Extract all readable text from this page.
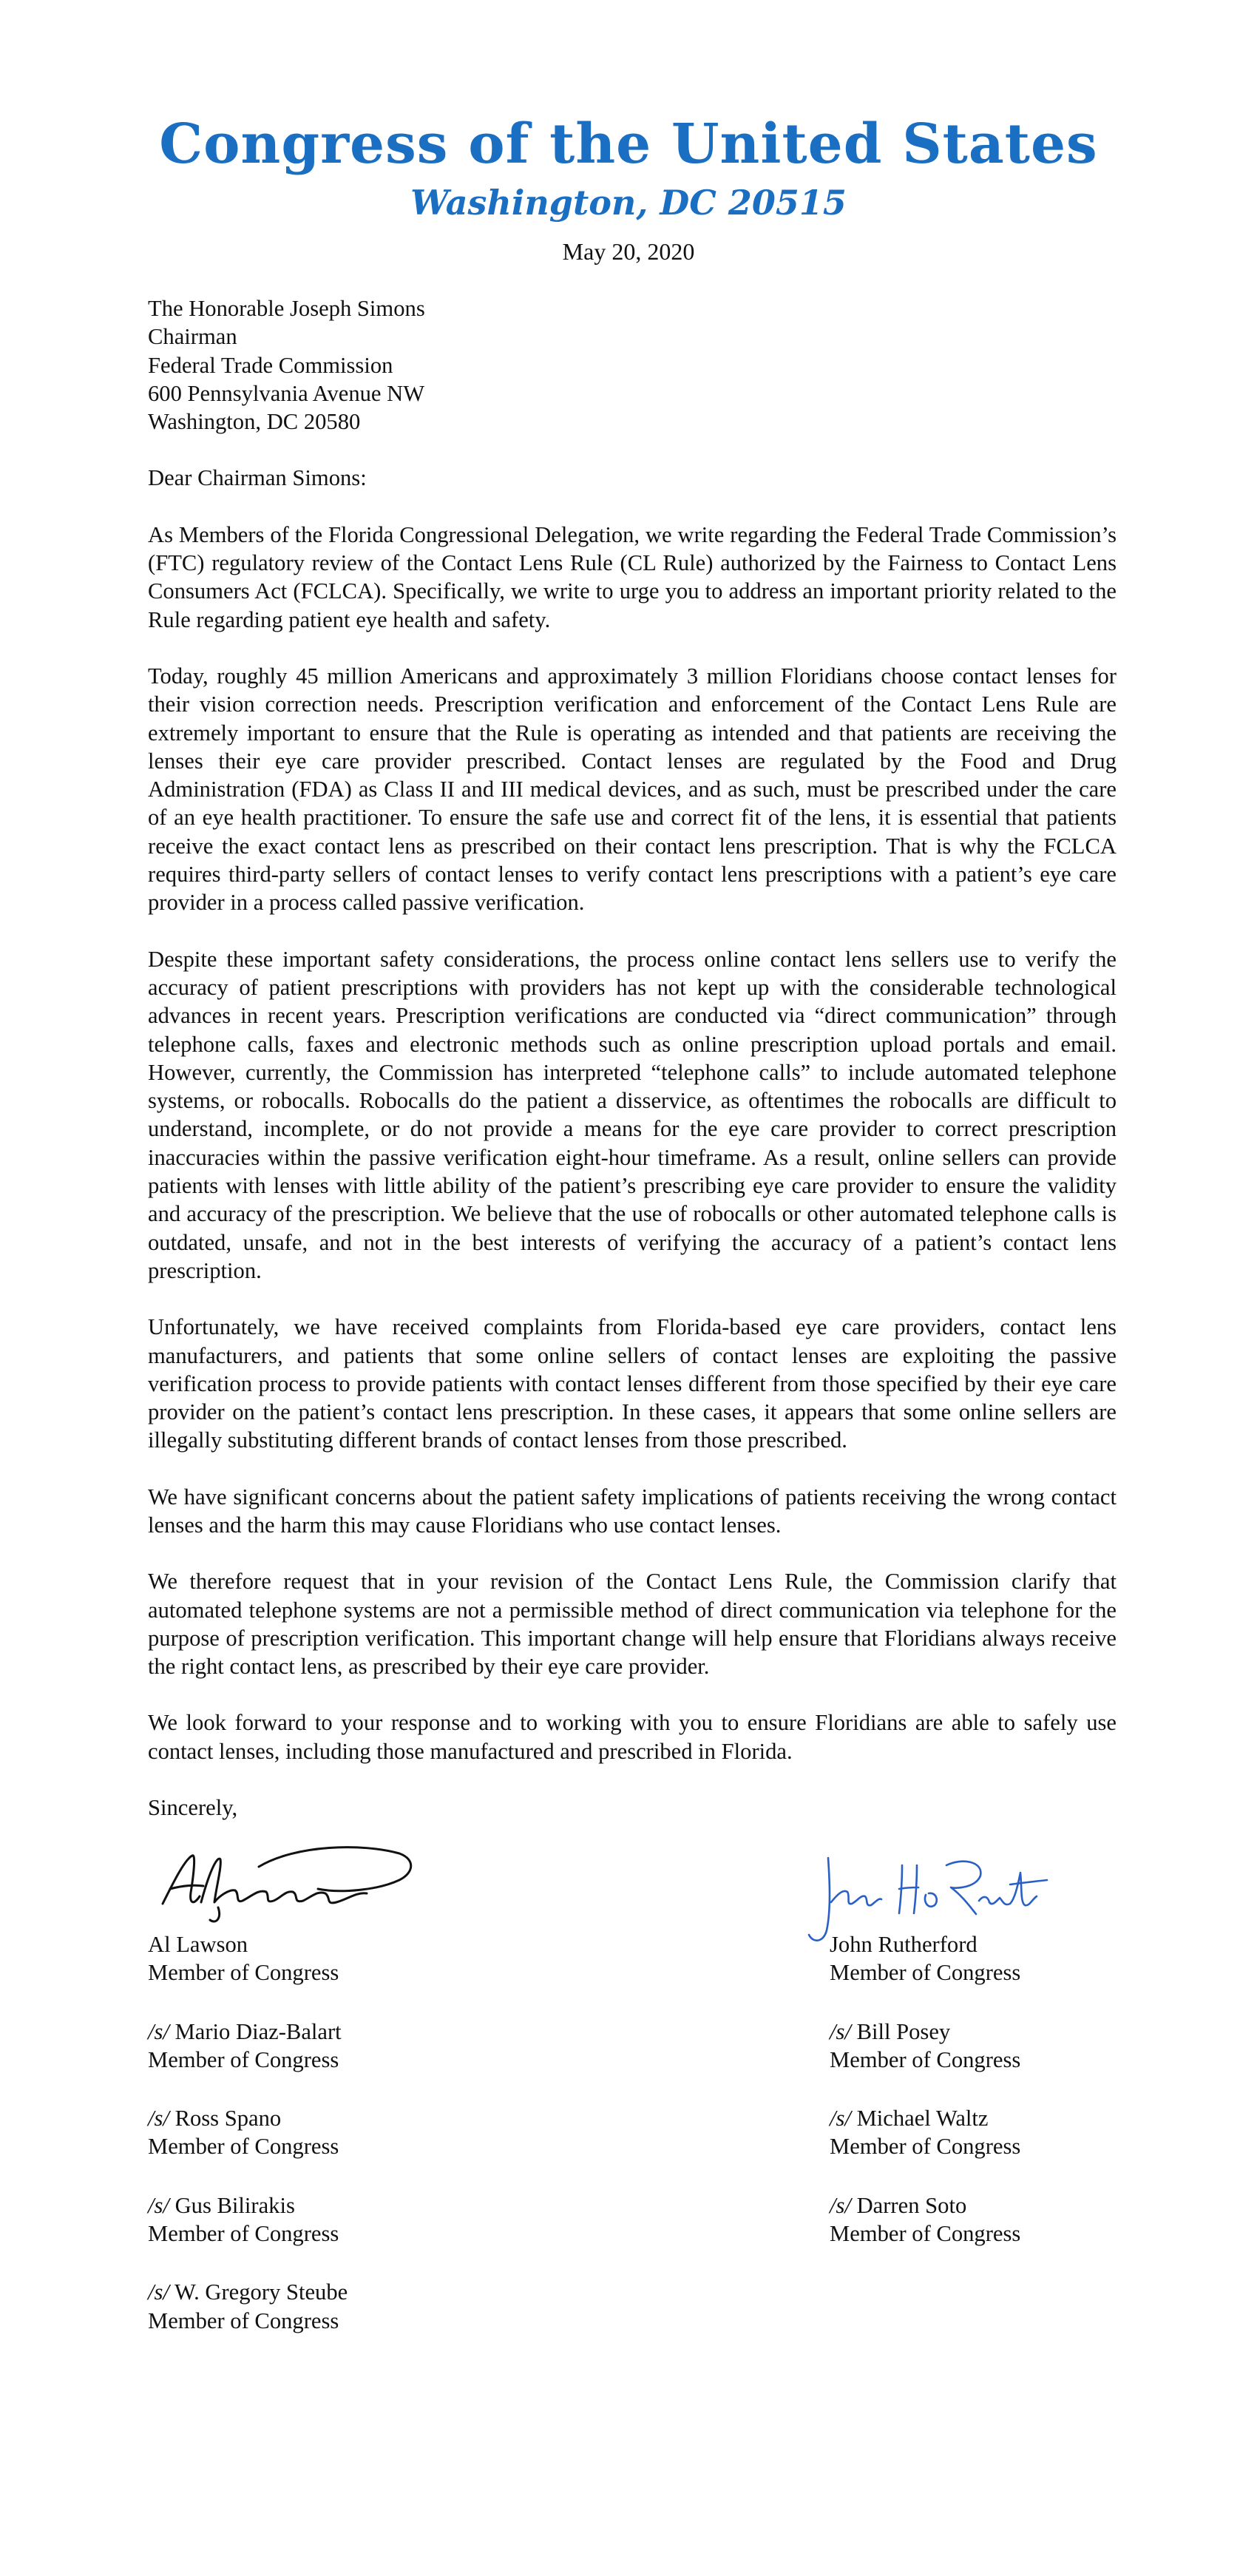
Congress of the United States
Washington, DC 20515
May 20, 2020
The Honorable Joseph Simons
Chairman
Federal Trade Commission
600 Pennsylvania Avenue NW
Washington, DC 20580
Dear Chairman Simons:
As Members of the Florida Congressional Delegation, we write regarding the Federal Trade Commission’s (FTC) regulatory review of the Contact Lens Rule (CL Rule) authorized by the Fairness to Contact Lens Consumers Act (FCLCA). Specifically, we write to urge you to address an important priority related to the Rule regarding patient eye health and safety.
Today, roughly 45 million Americans and approximately 3 million Floridians choose contact lenses for their vision correction needs. Prescription verification and enforcement of the Contact Lens Rule are extremely important to ensure that the Rule is operating as intended and that patients are receiving the lenses their eye care provider prescribed. Contact lenses are regulated by the Food and Drug Administration (FDA) as Class II and III medical devices, and as such, must be prescribed under the care of an eye health practitioner. To ensure the safe use and correct fit of the lens, it is essential that patients receive the exact contact lens as prescribed on their contact lens prescription. That is why the FCLCA requires third-party sellers of contact lenses to verify contact lens prescriptions with a patient’s eye care provider in a process called passive verification.
Despite these important safety considerations, the process online contact lens sellers use to verify the accuracy of patient prescriptions with providers has not kept up with the considerable technological advances in recent years. Prescription verifications are conducted via “direct communication” through telephone calls, faxes and electronic methods such as online prescription upload portals and email. However, currently, the Commission has interpreted “telephone calls” to include automated telephone systems, or robocalls. Robocalls do the patient a disservice, as oftentimes the robocalls are difficult to understand, incomplete, or do not provide a means for the eye care provider to correct prescription inaccuracies within the passive verification eight-hour timeframe. As a result, online sellers can provide patients with lenses with little ability of the patient’s prescribing eye care provider to ensure the validity and accuracy of the prescription. We believe that the use of robocalls or other automated telephone calls is outdated, unsafe, and not in the best interests of verifying the accuracy of a patient’s contact lens prescription.
Unfortunately, we have received complaints from Florida-based eye care providers, contact lens manufacturers, and patients that some online sellers of contact lenses are exploiting the passive verification process to provide patients with contact lenses different from those specified by their eye care provider on the patient’s contact lens prescription. In these cases, it appears that some online sellers are illegally substituting different brands of contact lenses from those prescribed.
We have significant concerns about the patient safety implications of patients receiving the wrong contact lenses and the harm this may cause Floridians who use contact lenses.
We therefore request that in your revision of the Contact Lens Rule, the Commission clarify that automated telephone systems are not a permissible method of direct communication via telephone for the purpose of prescription verification. This important change will help ensure that Floridians always receive the right contact lens, as prescribed by their eye care provider.
We look forward to your response and to working with you to ensure Floridians are able to safely use contact lenses, including those manufactured and prescribed in Florida.
Sincerely,
Al Lawson
Member of Congress
/s/ Mario Diaz-Balart
Member of Congress
/s/ Ross Spano
Member of Congress
/s/ Gus Bilirakis
Member of Congress
/s/ W. Gregory Steube
Member of Congress
John Rutherford
Member of Congress
/s/ Bill Posey
Member of Congress
/s/ Michael Waltz
Member of Congress
/s/ Darren Soto
Member of Congress
